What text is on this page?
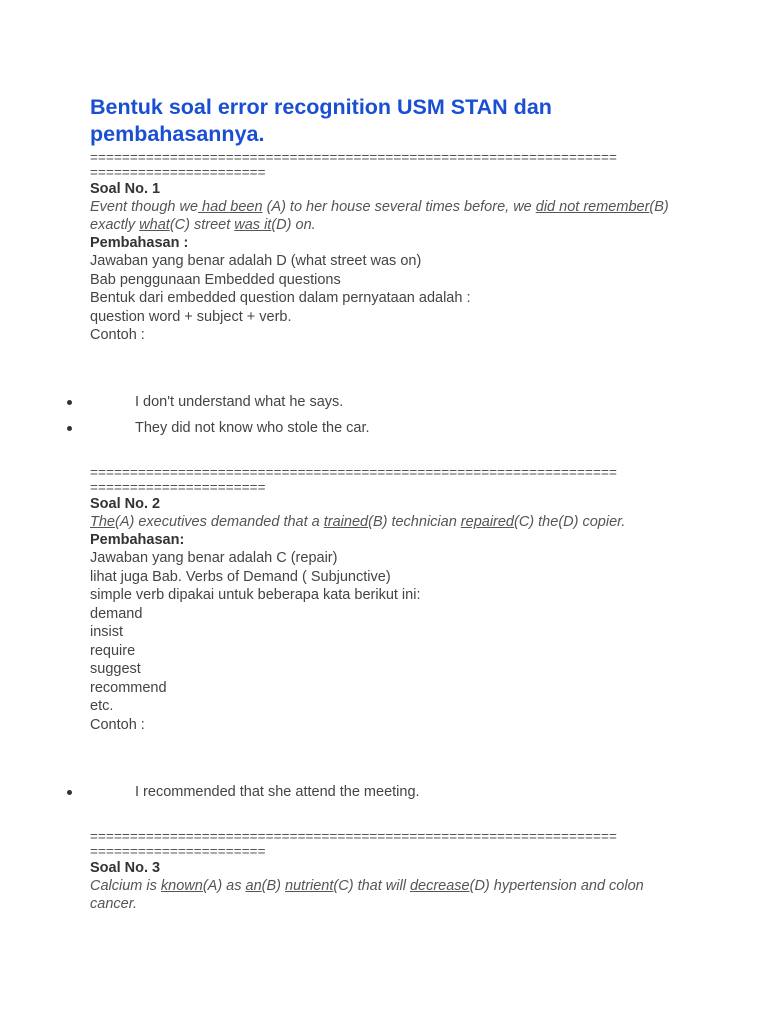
Bentuk soal error recognition USM STAN dan pembahasannya.
==================================================================
======================
Soal No. 1
Event though we had been (A) to her house several times before, we did not remember(B) exactly what(C) street was it(D) on.
Pembahasan :
Jawaban yang benar adalah D (what street was on)
Bab penggunaan Embedded questions
Bentuk dari embedded question dalam pernyataan adalah :
question word + subject + verb.
Contoh :
I don't understand what he says.
They did not know who stole the car.
==================================================================
======================
Soal No. 2
The(A) executives demanded that a trained(B) technician repaired(C) the(D) copier.
Pembahasan:
Jawaban yang benar adalah C (repair)
lihat juga Bab. Verbs of Demand ( Subjunctive)
simple verb dipakai untuk beberapa kata berikut ini:
demand
insist
require
suggest
recommend
etc.
Contoh :
I recommended that she attend the meeting.
==================================================================
======================
Soal No. 3
Calcium is known(A) as an(B) nutrient(C) that will decrease(D) hypertension and colon cancer.
